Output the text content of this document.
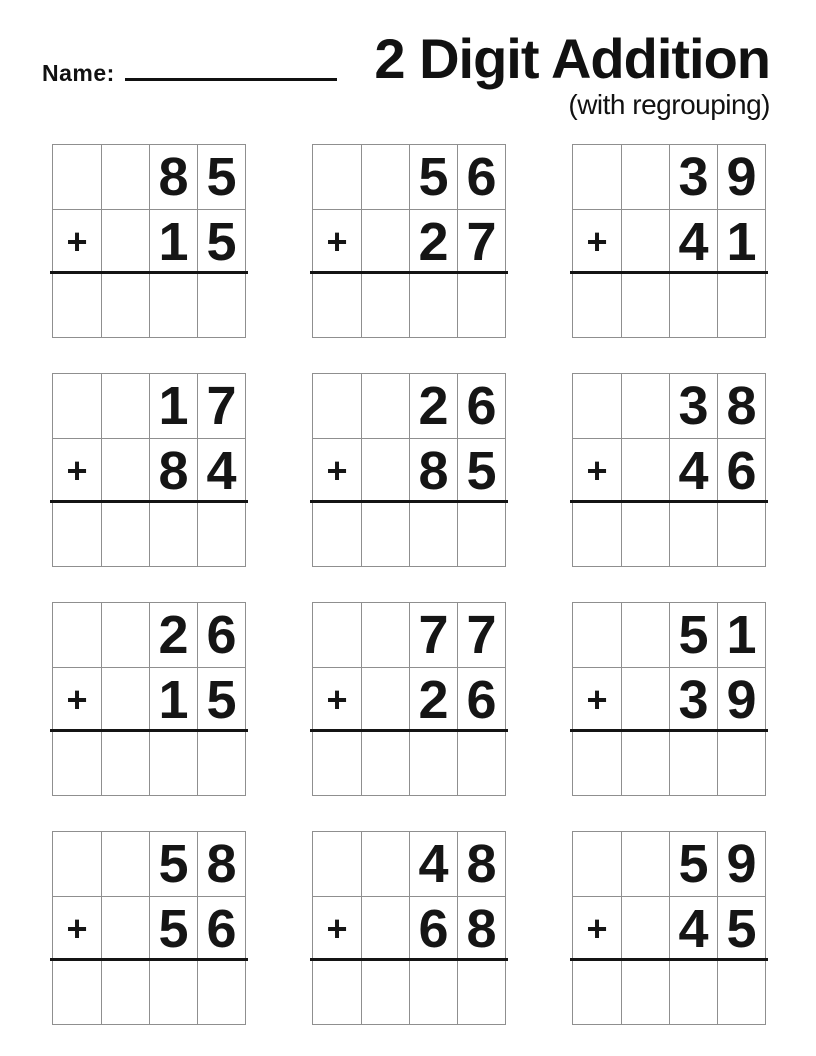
Name:	2 Digit Addition
(with regrouping)
8 5
+ 1 5
5 6
+ 2 7
3 9
+ 4 1
1 7
+ 8 4
2 6
+ 8 5
3 8
+ 4 6
2 6
+ 1 5
7 7
+ 2 6
5 1
+ 3 9
5 8
+ 5 6
4 8
+ 6 8
5 9
+ 4 5
